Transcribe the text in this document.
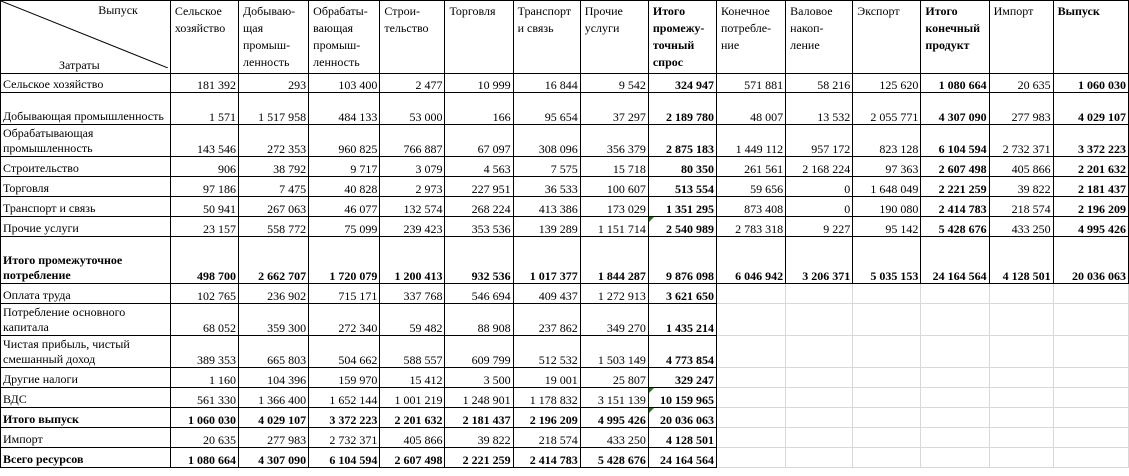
Выпуск
Затраты	Сельское хозяйство	Добываю-щая промыш-ленность	Обрабаты-вающая промыш-ленность	Строи-тельство	Торговля	Транспорт и связь	Прочие услуги	Итого промежу-точный спрос	Конечное потребле-ние	Валовое накоп-ление	Экспорт	Итого конечный продукт	Импорт	Выпуск
Сельское хозяйство	181 392	293	103 400	2 477	10 999	16 844	9 542	324 947	571 881	58 216	125 620	1 080 664	20 635	1 060 030
Добывающая промышленность	1 571	1 517 958	484 133	53 000	166	95 654	37 297	2 189 780	48 007	13 532	2 055 771	4 307 090	277 983	4 029 107
Обрабатывающая промышленность	143 546	272 353	960 825	766 887	67 097	308 096	356 379	2 875 183	1 449 112	957 172	823 128	6 104 594	2 732 371	3 372 223
Строительство	906	38 792	9 717	3 079	4 563	7 575	15 718	80 350	261 561	2 168 224	97 363	2 607 498	405 866	2 201 632
Торговля	97 186	7 475	40 828	2 973	227 951	36 533	100 607	513 554	59 656	0	1 648 049	2 221 259	39 822	2 181 437
Транспорт и связь	50 941	267 063	46 077	132 574	268 224	413 386	173 029	1 351 295	873 408	0	190 080	2 414 783	218 574	2 196 209
Прочие услуги	23 157	558 772	75 099	239 423	353 536	139 289	1 151 714	2 540 989	2 783 318	9 227	95 142	5 428 676	433 250	4 995 426
Итого промежуточное потребление	498 700	2 662 707	1 720 079	1 200 413	932 536	1 017 377	1 844 287	9 876 098	6 046 942	3 206 371	5 035 153	24 164 564	4 128 501	20 036 063
Оплата труда	102 765	236 902	715 171	337 768	546 694	409 437	1 272 913	3 621 650						
Потребление основного капитала	68 052	359 300	272 340	59 482	88 908	237 862	349 270	1 435 214						
Чистая прибыль, чистый смешанный доход	389 353	665 803	504 662	588 557	609 799	512 532	1 503 149	4 773 854						
Другие налоги	1 160	104 396	159 970	15 412	3 500	19 001	25 807	329 247						
ВДС	561 330	1 366 400	1 652 144	1 001 219	1 248 901	1 178 832	3 151 139	10 159 965						
Итого выпуск	1 060 030	4 029 107	3 372 223	2 201 632	2 181 437	2 196 209	4 995 426	20 036 063						
Импорт	20 635	277 983	2 732 371	405 866	39 822	218 574	433 250	4 128 501						
Всего ресурсов	1 080 664	4 307 090	6 104 594	2 607 498	2 221 259	2 414 783	5 428 676	24 164 564						
